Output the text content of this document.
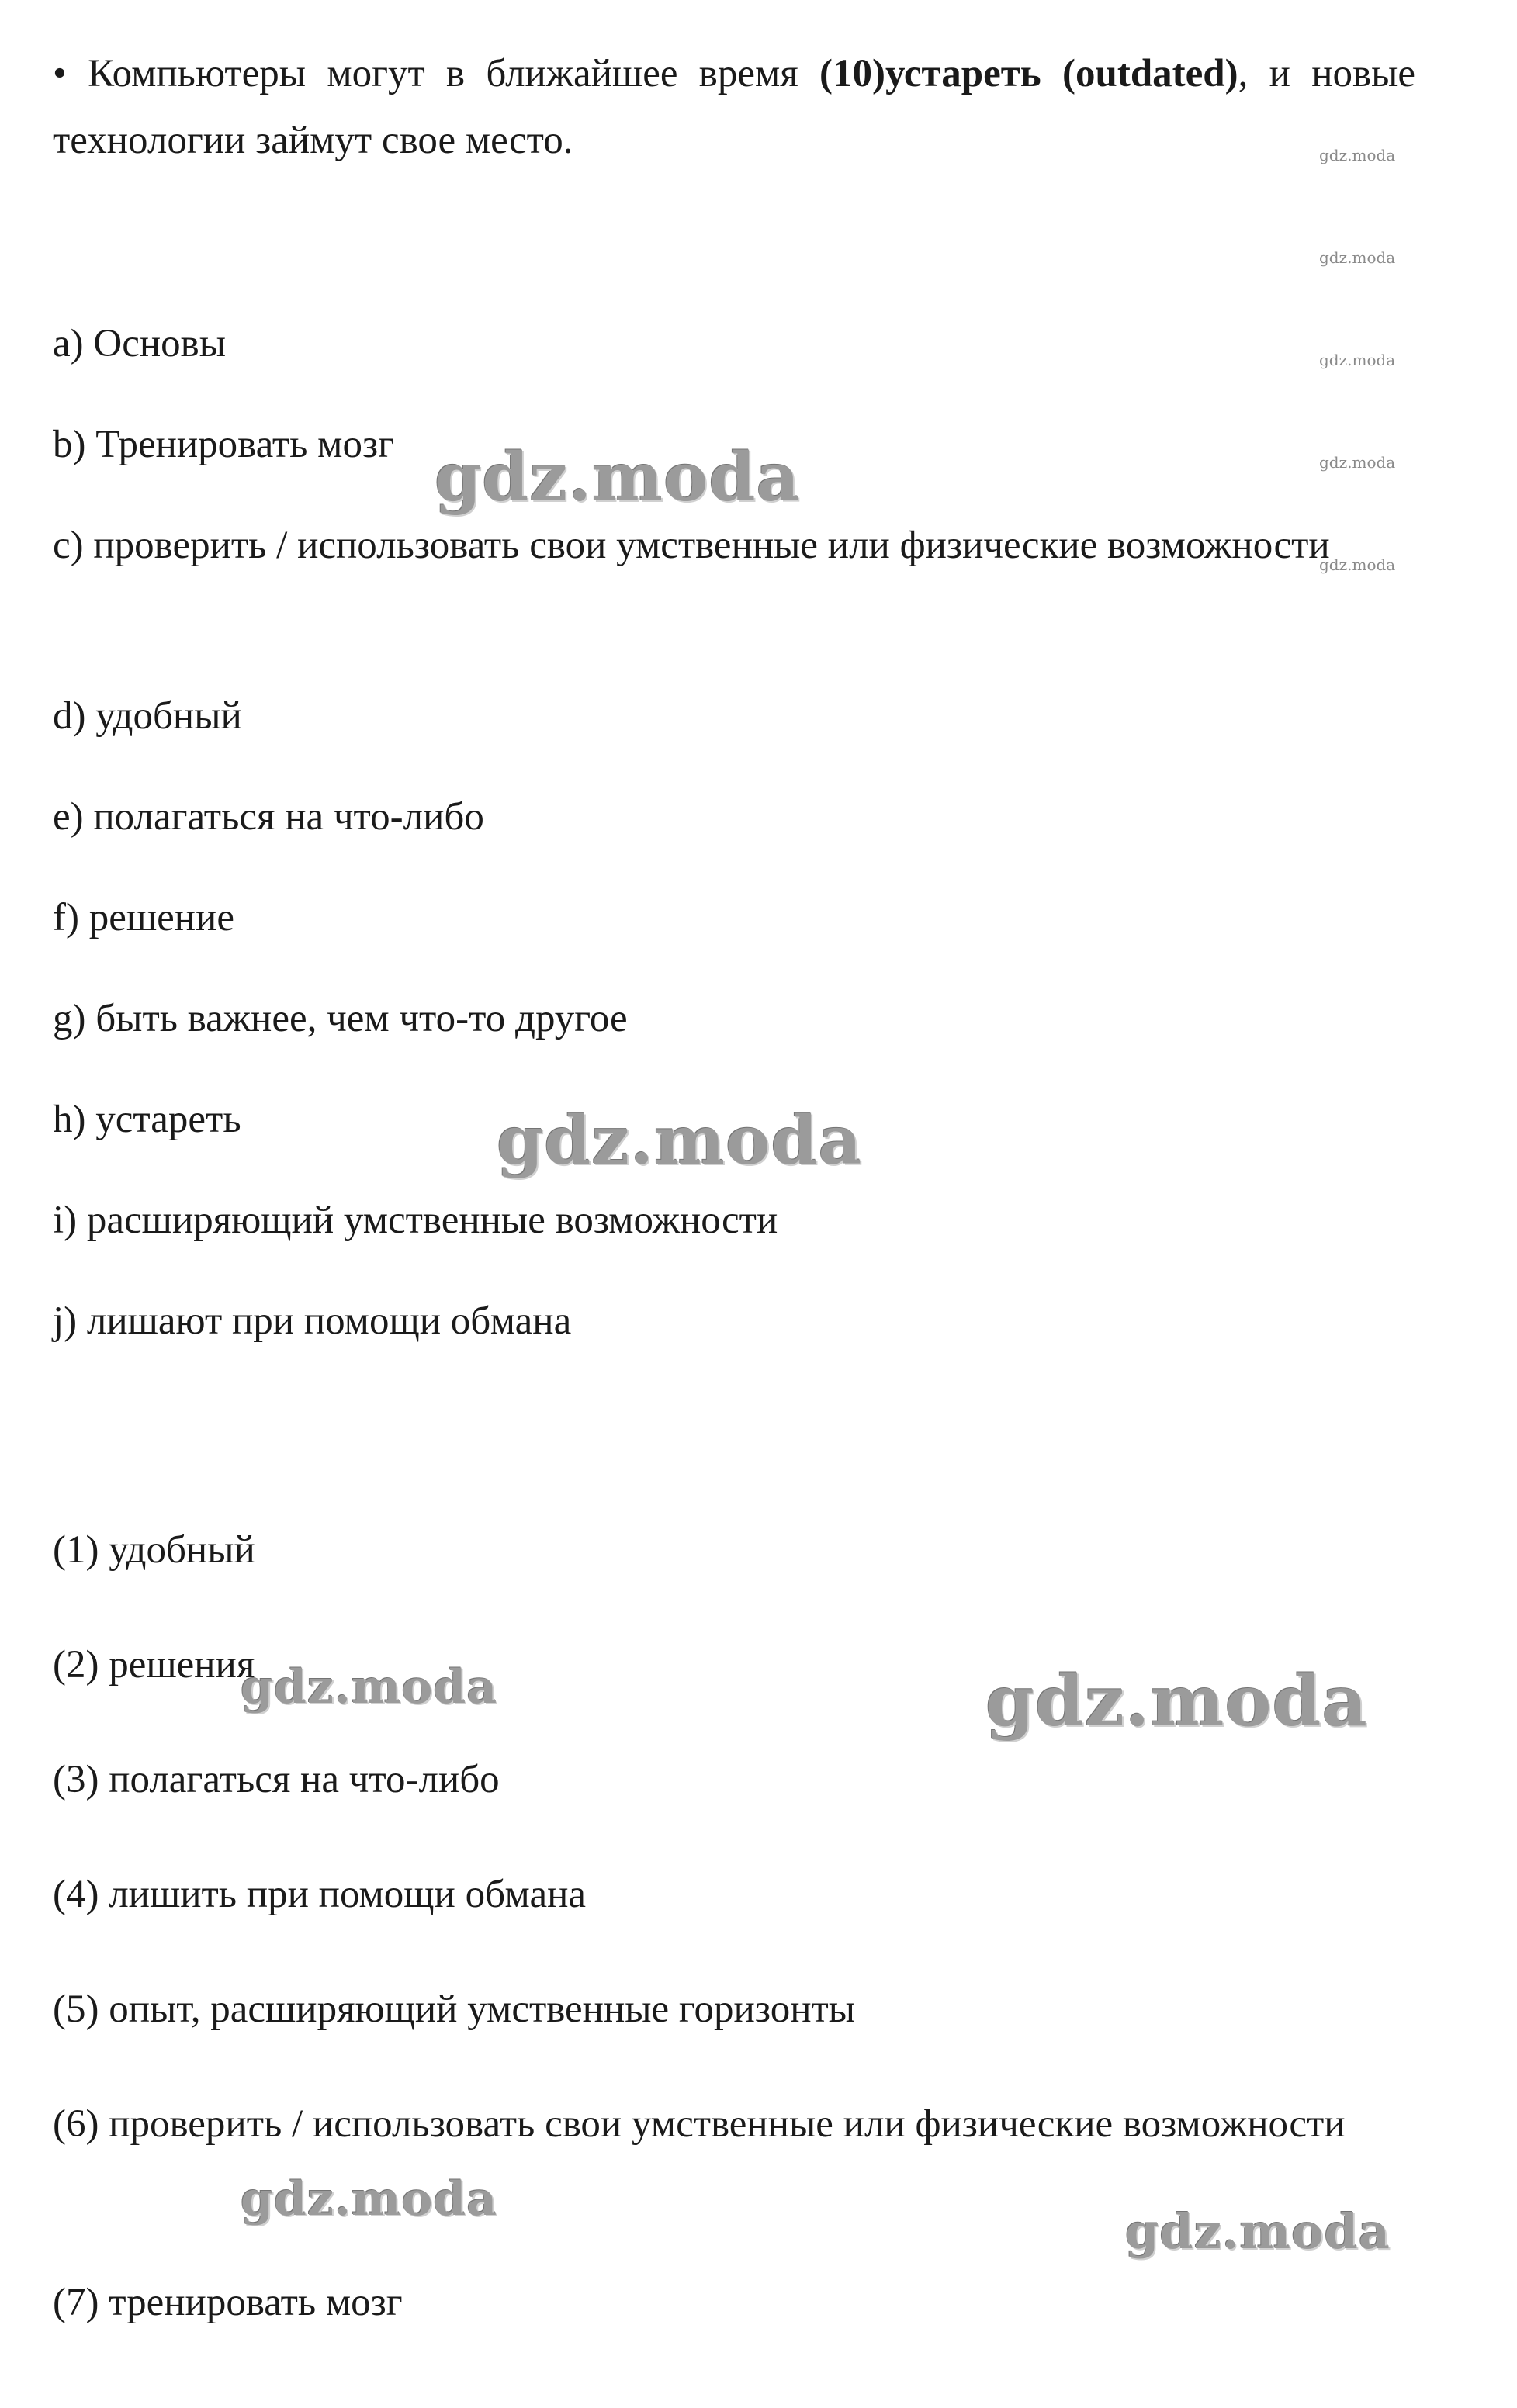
• Компьютеры могут в ближайшее время (10)устареть (outdated), и новые технологии займут свое место.

a) Основы

b) Тренировать мозг

c) проверить / использовать свои умственные или физические возможности

d) удобный

e) полагаться на что-либо

f) решение

g) быть важнее, чем что-то другое

h) устареть

i) расширяющий умственные возможности

j) лишают при помощи обмана

(1) удобный

(2) решения

(3) полагаться на что-либо

(4) лишить при помощи обмана

(5) опыт, расширяющий умственные горизонты

(6) проверить / использовать свои умственные или физические возможности

(7) тренировать мозг

gdz.moda
gdz.moda
gdz.moda
gdz.moda
gdz.moda
gdz.moda
gdz.moda
gdz.moda
gdz.moda
gdz.moda
gdz.moda
